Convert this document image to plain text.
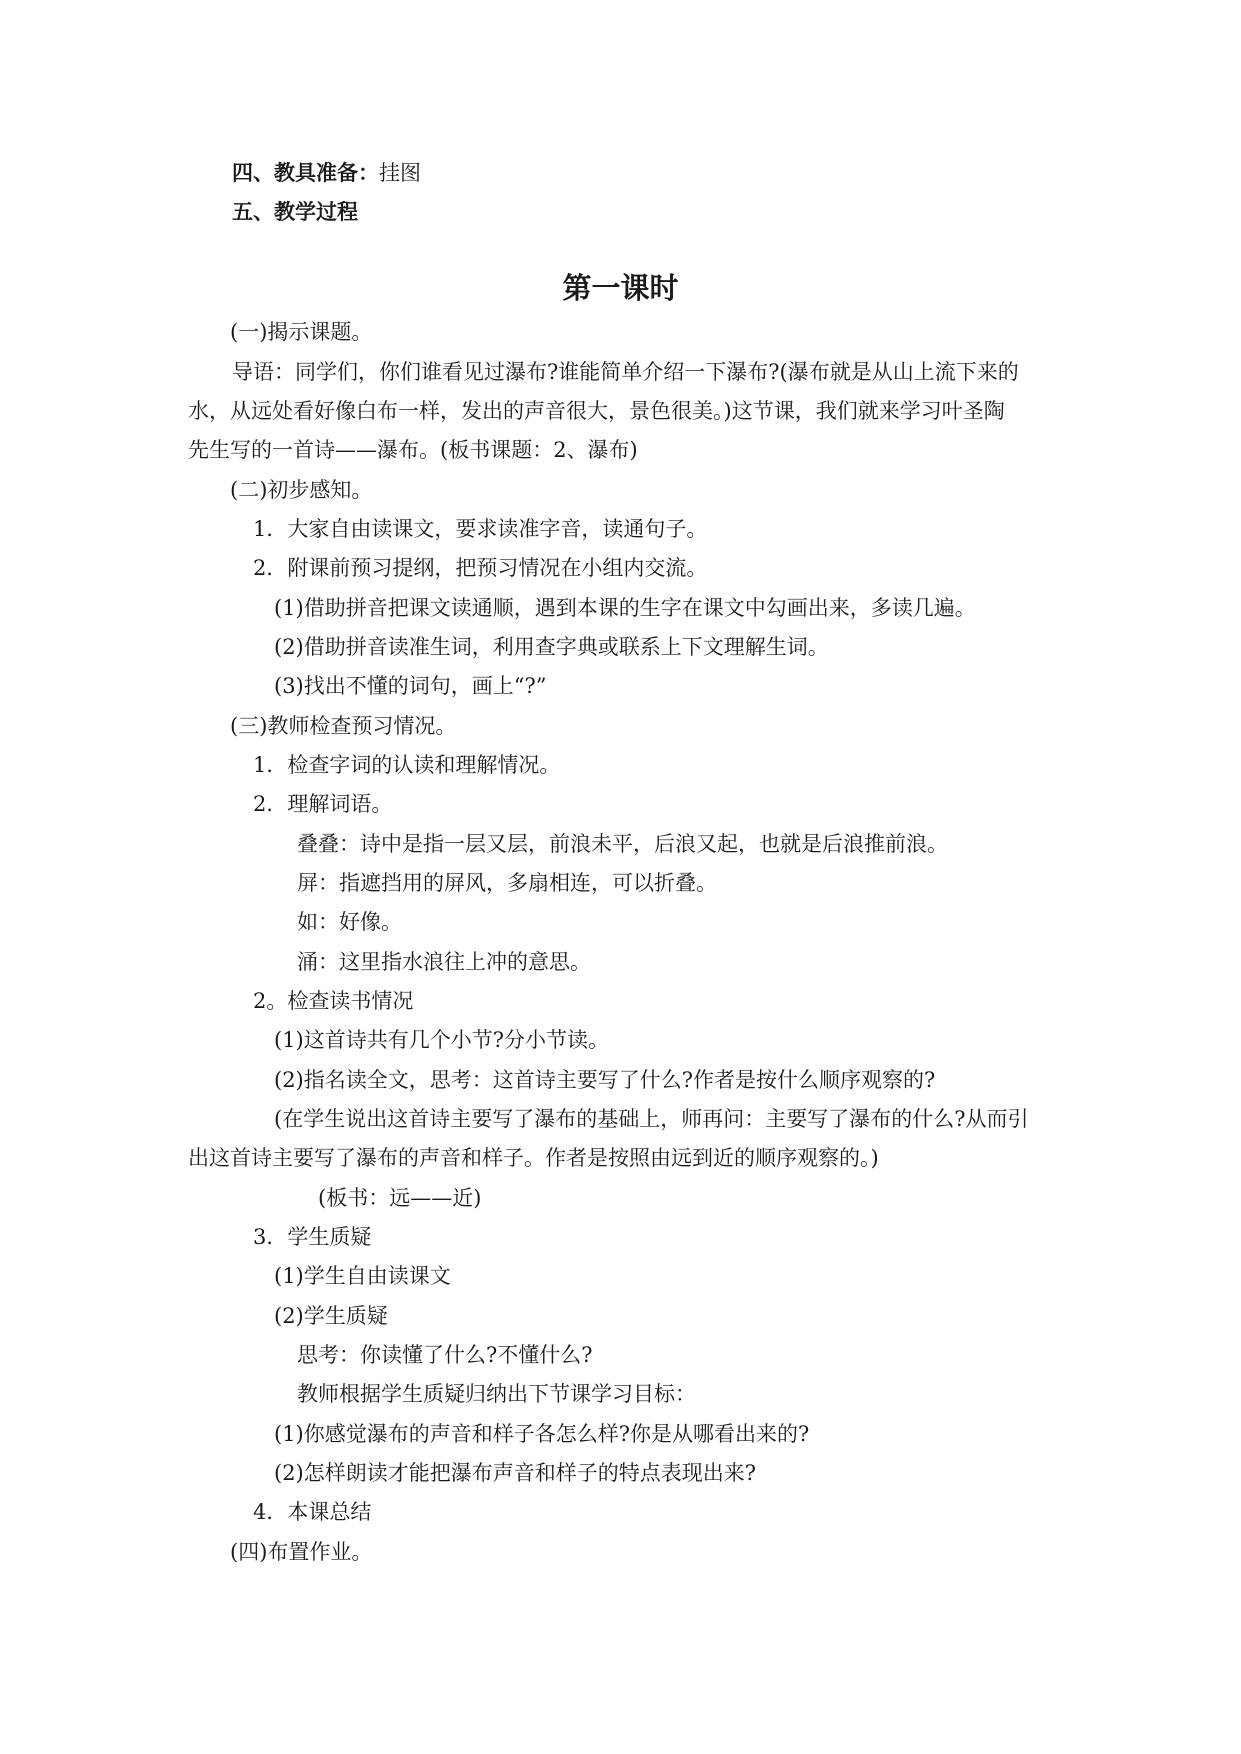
四、教具准备：挂图
五、教学过程
第一课时
(一)揭示课题。
导语：同学们，你们谁看见过瀑布?谁能简单介绍一下瀑布?(瀑布就是从山上流下来的
水，从远处看好像白布一样，发出的声音很大，景色很美。)这节课，我们就来学习叶圣陶
先生写的一首诗——瀑布。(板书课题：2、瀑布)
(二)初步感知。
1．大家自由读课文，要求读准字音，读通句子。
2．附课前预习提纲，把预习情况在小组内交流。
(1)借助拼音把课文读通顺，遇到本课的生字在课文中勾画出来，多读几遍。
(2)借助拼音读准生词，利用查字典或联系上下文理解生词。
(3)找出不懂的词句，画上“?”
(三)教师检查预习情况。
1．检查字词的认读和理解情况。
2．理解词语。
叠叠：诗中是指一层又层，前浪未平，后浪又起，也就是后浪推前浪。
屏：指遮挡用的屏风，多扇相连，可以折叠。
如：好像。
涌：这里指水浪往上冲的意思。
2。检查读书情况
(1)这首诗共有几个小节?分小节读。
(2)指名读全文，思考：这首诗主要写了什么?作者是按什么顺序观察的?
(在学生说出这首诗主要写了瀑布的基础上，师再问：主要写了瀑布的什么?从而引
出这首诗主要写了瀑布的声音和样子。作者是按照由远到近的顺序观察的。)
(板书：远——近)
3．学生质疑
(1)学生自由读课文
(2)学生质疑
思考：你读懂了什么?不懂什么?
教师根据学生质疑归纳出下节课学习目标：
(1)你感觉瀑布的声音和样子各怎么样?你是从哪看出来的?
(2)怎样朗读才能把瀑布声音和样子的特点表现出来?
4．本课总结
(四)布置作业。
